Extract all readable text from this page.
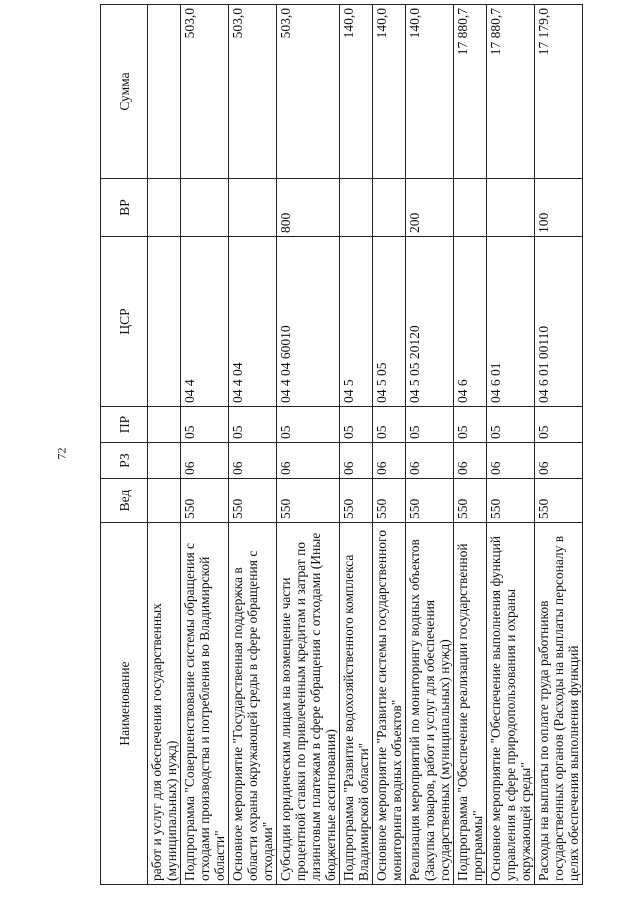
72
Наименование	Вед	РЗ	ПР	ЦСР	ВР	Сумма
работ и услуг для обеспечения государственных (муниципальных) нужд)						
Подпрограмма "Совершенствование системы обращения с отходами производства и потребления во Владимирской области"	550	06	05	04 4		503,0
Основное мероприятие "Государственная поддержка в области охраны окружающей среды в сфере обращения с отходами"	550	06	05	04 4 04		503,0
Субсидии юридическим лицам на возмещение части процентной ставки по привлеченным кредитам и затрат по лизинговым платежам в сфере обращения с отходами (Иные бюджетные ассигнования)	550	06	05	04 4 04 60010	800	503,0
Подпрограмма "Развитие водохозяйственного комплекса Владимирской области"	550	06	05	04 5		140,0
Основное мероприятие "Развитие системы государственного мониторинга водных объектов"	550	06	05	04 5 05		140,0
Реализация мероприятий по мониторингу водных объектов (Закупка товаров, работ и услуг для обеспечения государственных (муниципальных) нужд)	550	06	05	04 5 05 20120	200	140,0
Подпрограмма "Обеспечение реализации государственной программы"	550	06	05	04 6		17 880,7
Основное мероприятие "Обеспечение выполнения функций управления в сфере природопользования и охраны окружающей среды"	550	06	05	04 6 01		17 880,7
Расходы на выплаты по оплате труда работников государственных органов (Расходы на выплаты персоналу в целях обеспечения выполнения функций	550	06	05	04 6 01 00110	100	17 179,0
